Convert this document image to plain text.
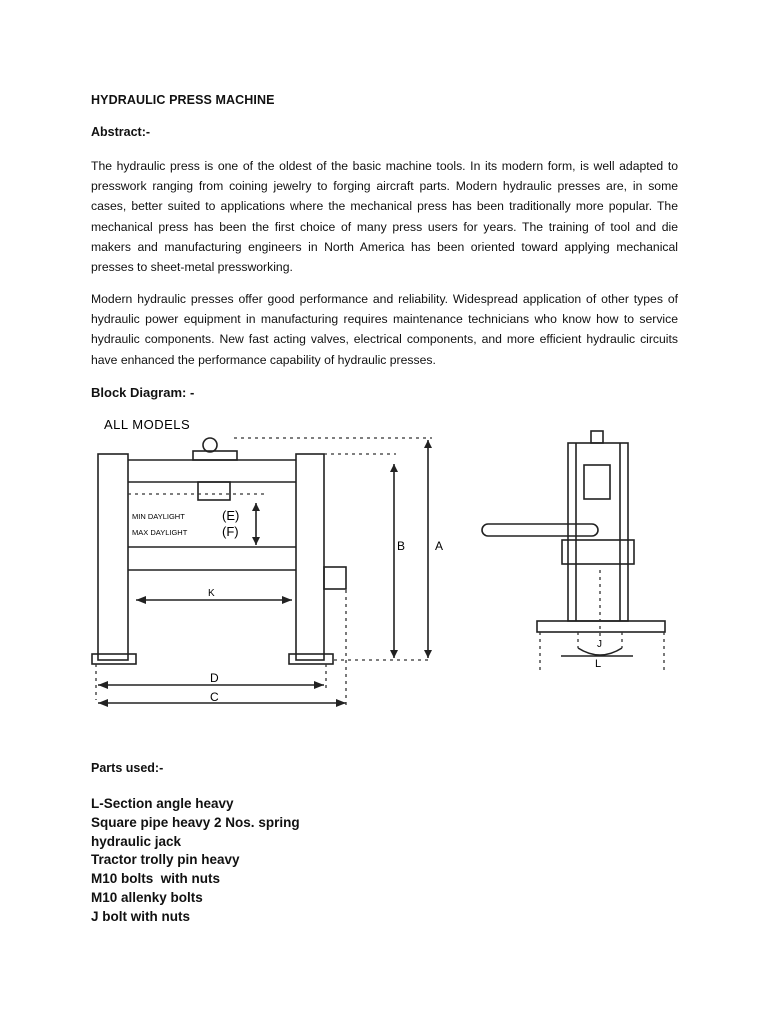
HYDRAULIC PRESS MACHINE
Abstract:-

The hydraulic press is one of the oldest of the basic machine tools. In its modern form, is well adapted to presswork ranging from coining jewelry to forging aircraft parts. Modern hydraulic presses are, in some cases, better suited to applications where the mechanical press has been traditionally more popular. The mechanical press has been the first choice of many press users for years. The training of tool and die makers and manufacturing engineers in North America has been oriented toward applying mechanical presses to sheet-metal pressworking.

Modern hydraulic presses offer good performance and reliability. Widespread application of other types of hydraulic power equipment in manufacturing requires maintenance technicians who know how to service hydraulic components. New fast acting valves, electrical components, and more efficient hydraulic circuits have enhanced the performance capability of hydraulic presses.

Block Diagram: -
ALL MODELS
MIN DAYLIGHT	(E)
MAX DAYLIGHT	(F)
K
B A
D
C
J
L
Parts used:-
L-Section angle heavy
Square pipe heavy 2 Nos. spring
hydraulic jack
Tractor trolly pin heavy
M10 bolts  with nuts
M10 allenky bolts
J bolt with nuts
